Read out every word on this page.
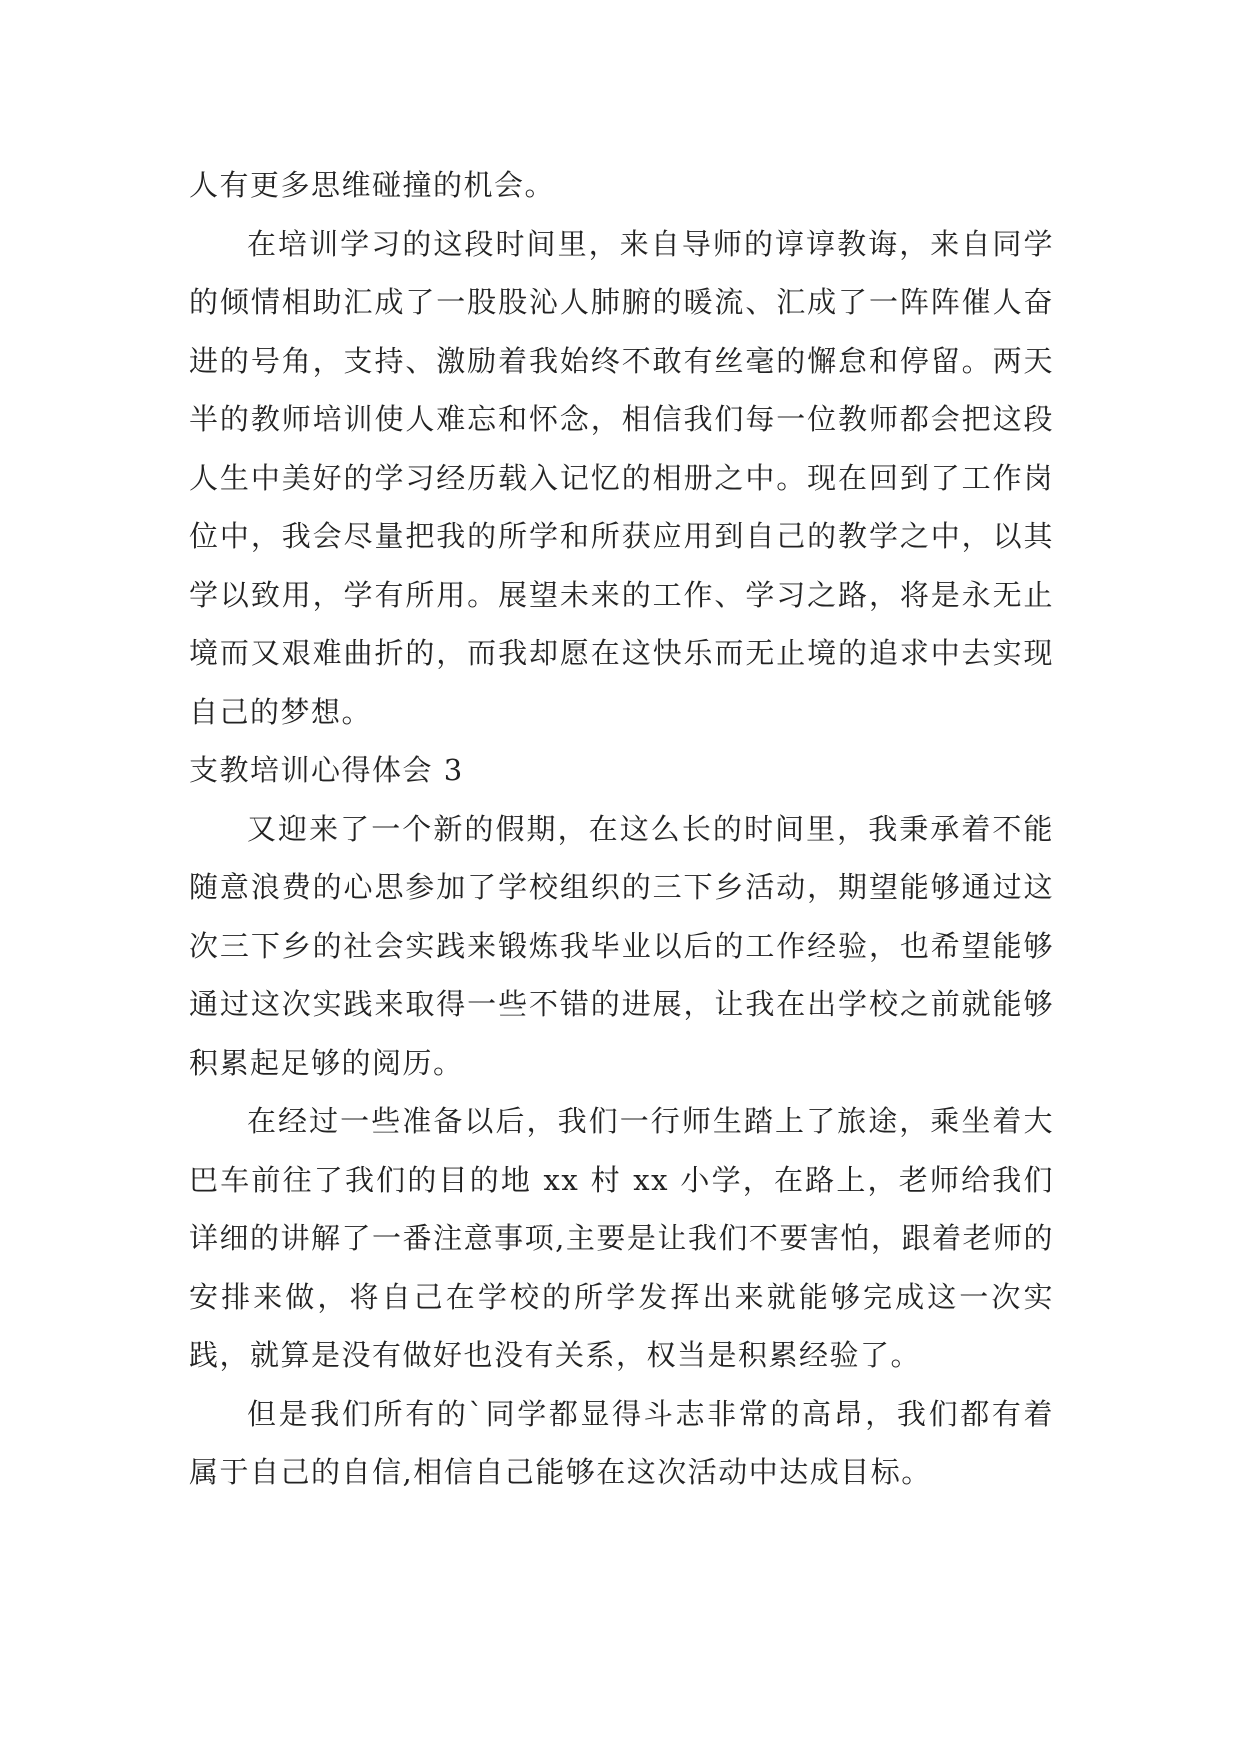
人有更多思维碰撞的机会。

在培训学习的这段时间里，来自导师的谆谆教诲，来自同学的倾情相助汇成了一股股沁人肺腑的暖流、汇成了一阵阵催人奋进的号角，支持、激励着我始终不敢有丝毫的懈怠和停留。两天半的教师培训使人难忘和怀念，相信我们每一位教师都会把这段人生中美好的学习经历载入记忆的相册之中。现在回到了工作岗位中，我会尽量把我的所学和所获应用到自己的教学之中，以其学以致用，学有所用。展望未来的工作、学习之路，将是永无止境而又艰难曲折的，而我却愿在这快乐而无止境的追求中去实现自己的梦想。

支教培训心得体会 3

又迎来了一个新的假期，在这么长的时间里，我秉承着不能随意浪费的心思参加了学校组织的三下乡活动，期望能够通过这次三下乡的社会实践来锻炼我毕业以后的工作经验，也希望能够通过这次实践来取得一些不错的进展，让我在出学校之前就能够积累起足够的阅历。

在经过一些准备以后，我们一行师生踏上了旅途，乘坐着大巴车前往了我们的目的地 xx 村 xx 小学，在路上，老师给我们详细的讲解了一番注意事项,主要是让我们不要害怕，跟着老师的安排来做，将自己在学校的所学发挥出来就能够完成这一次实践，就算是没有做好也没有关系，权当是积累经验了。

但是我们所有的`同学都显得斗志非常的高昂，我们都有着属于自己的自信,相信自己能够在这次活动中达成目标。
